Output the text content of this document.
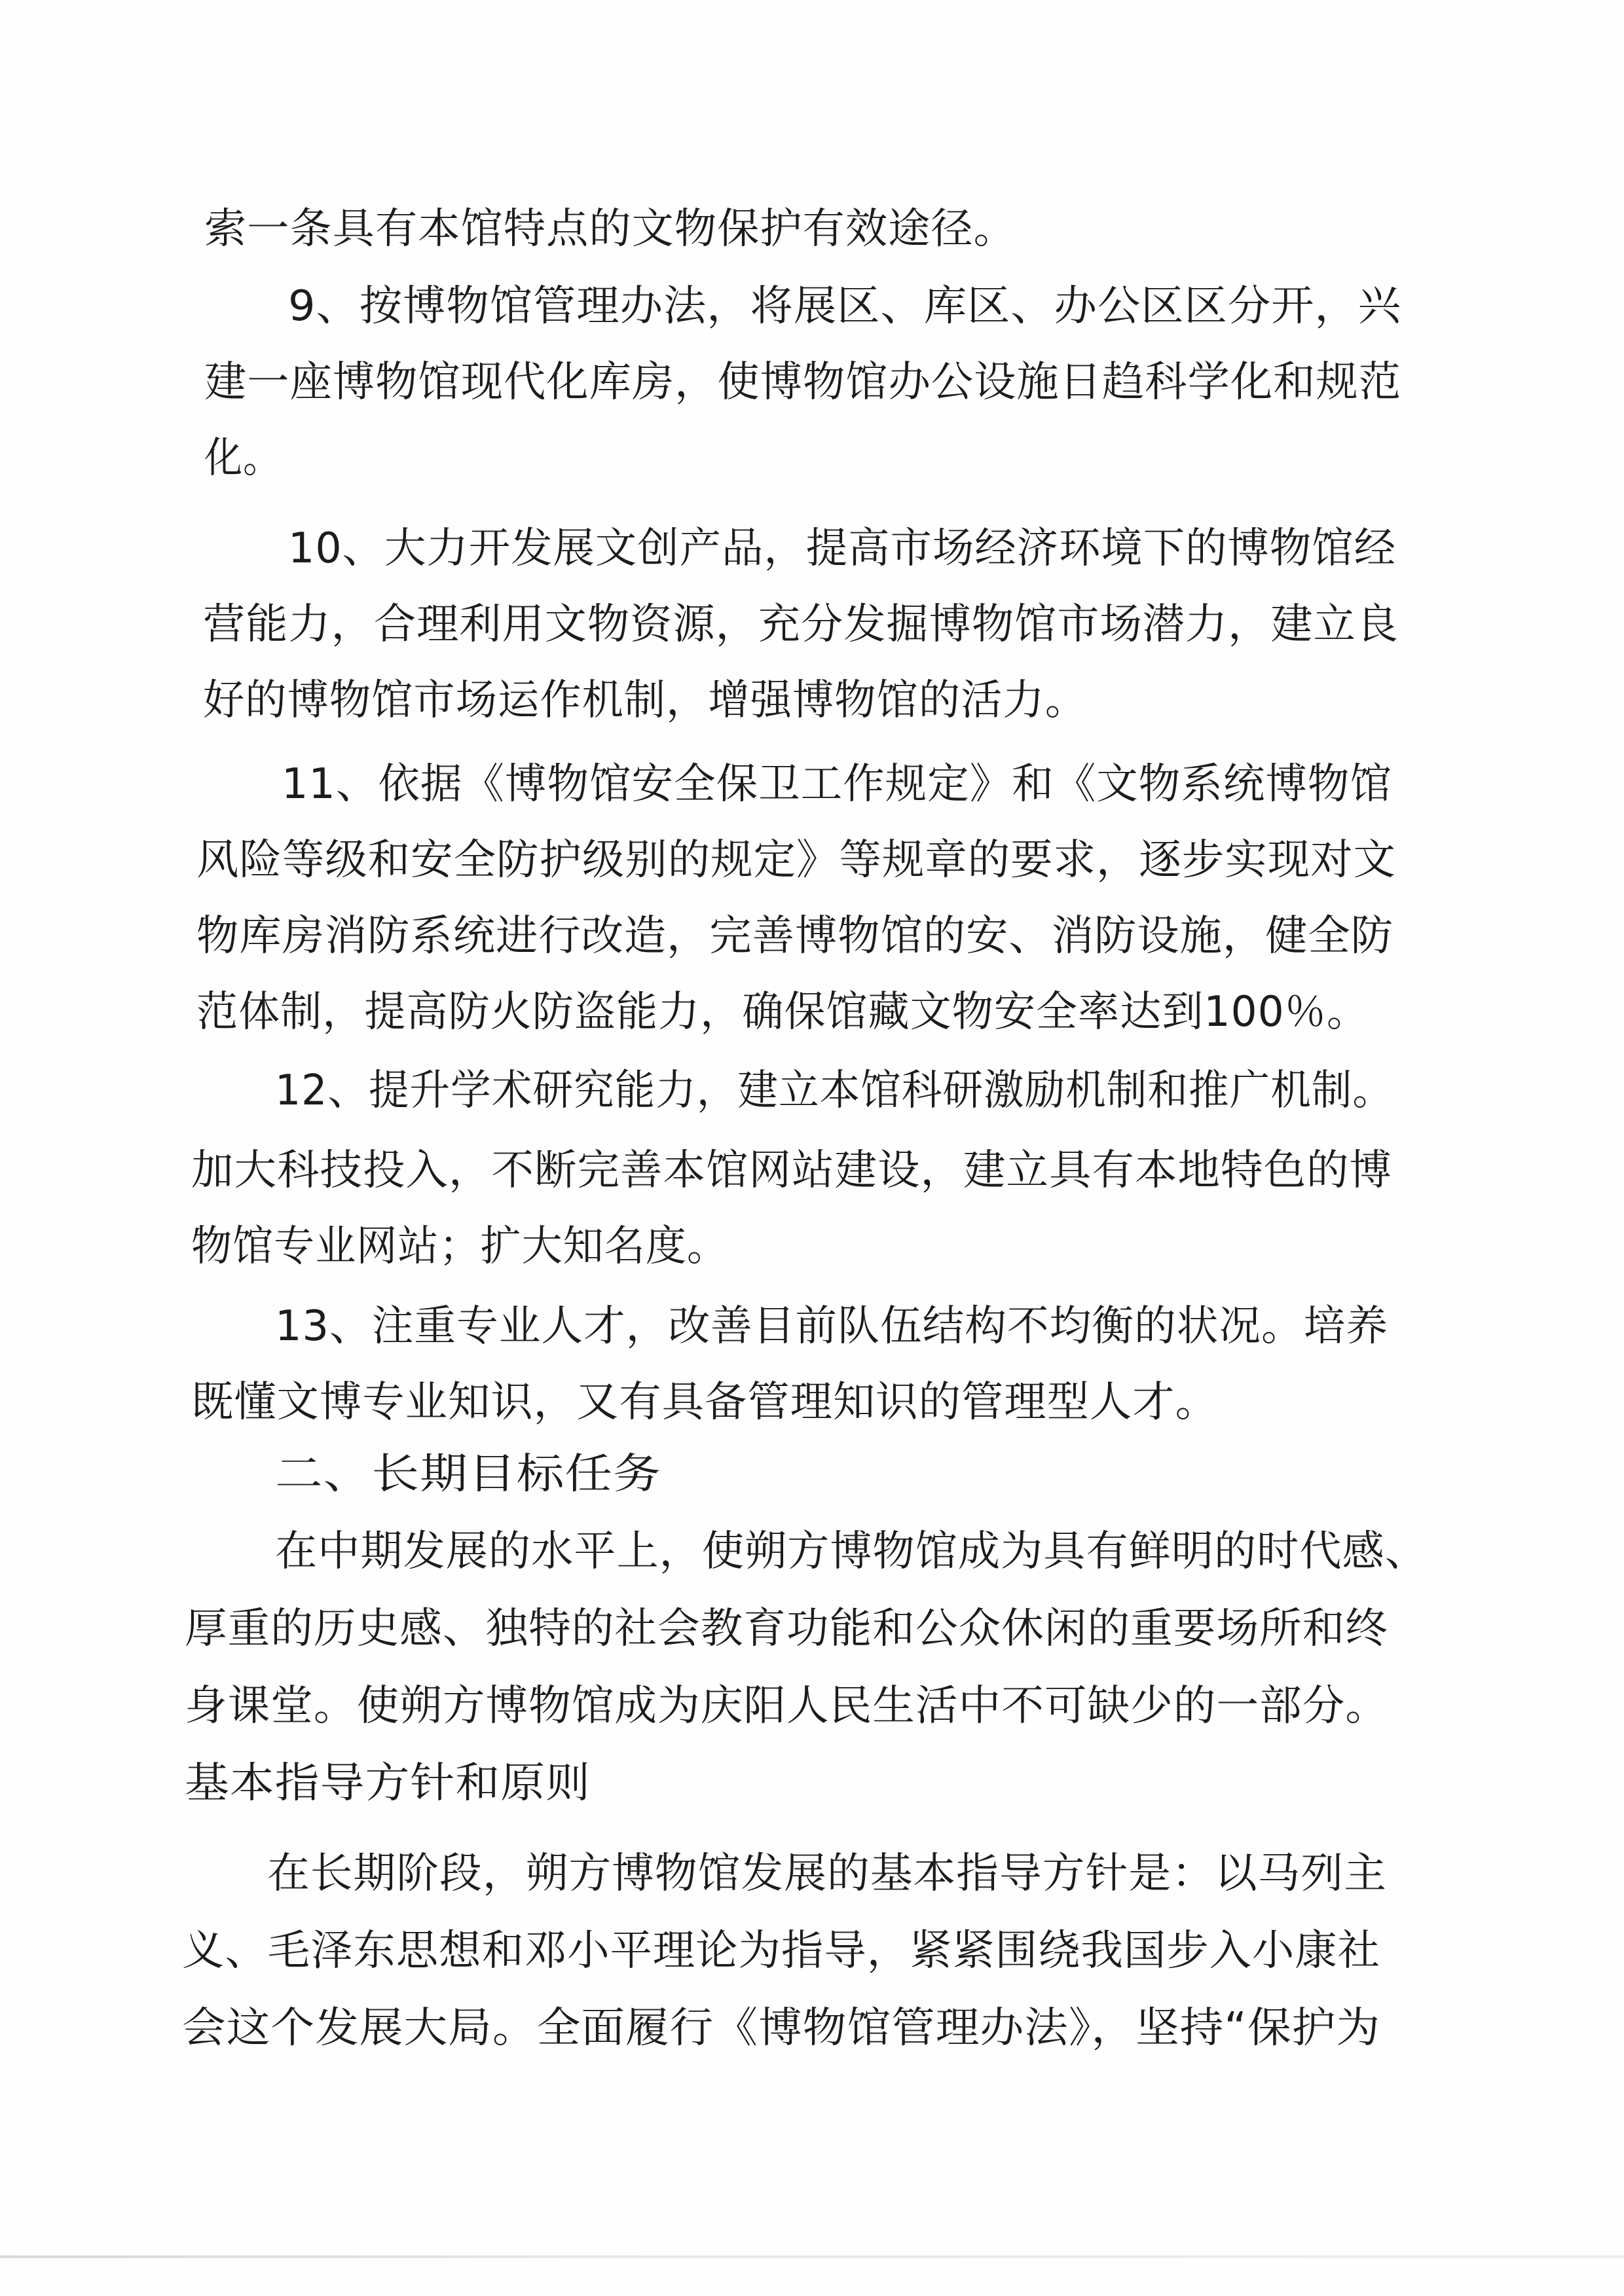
索一条具有本馆特点的文物保护有效途径。

9、按博物馆管理办法，将展区、库区、办公区区分开，兴

建一座博物馆现代化库房，使博物馆办公设施日趋科学化和规范

化。

10、大力开发展文创产品，提高市场经济环境下的博物馆经

营能力，合理利用文物资源，充分发掘博物馆市场潜力，建立良

好的博物馆市场运作机制，增强博物馆的活力。

11、依据《博物馆安全保卫工作规定》和《文物系统博物馆

风险等级和安全防护级别的规定》等规章的要求，逐步实现对文

物库房消防系统进行改造，完善博物馆的安、消防设施，健全防

范体制，提高防火防盗能力，确保馆藏文物安全率达到100％。

12、提升学术研究能力，建立本馆科研激励机制和推广机制。

加大科技投入，不断完善本馆网站建设，建立具有本地特色的博

物馆专业网站；扩大知名度。

13、注重专业人才，改善目前队伍结构不均衡的状况。培养

既懂文博专业知识，又有具备管理知识的管理型人才。

二、长期目标任务

在中期发展的水平上，使朔方博物馆成为具有鲜明的时代感、

厚重的历史感、独特的社会教育功能和公众休闲的重要场所和终

身课堂。使朔方博物馆成为庆阳人民生活中不可缺少的一部分。

基本指导方针和原则

在长期阶段，朔方博物馆发展的基本指导方针是：以马列主

义、毛泽东思想和邓小平理论为指导，紧紧围绕我国步入小康社

会这个发展大局。全面履行《博物馆管理办法》，坚持“保护为
